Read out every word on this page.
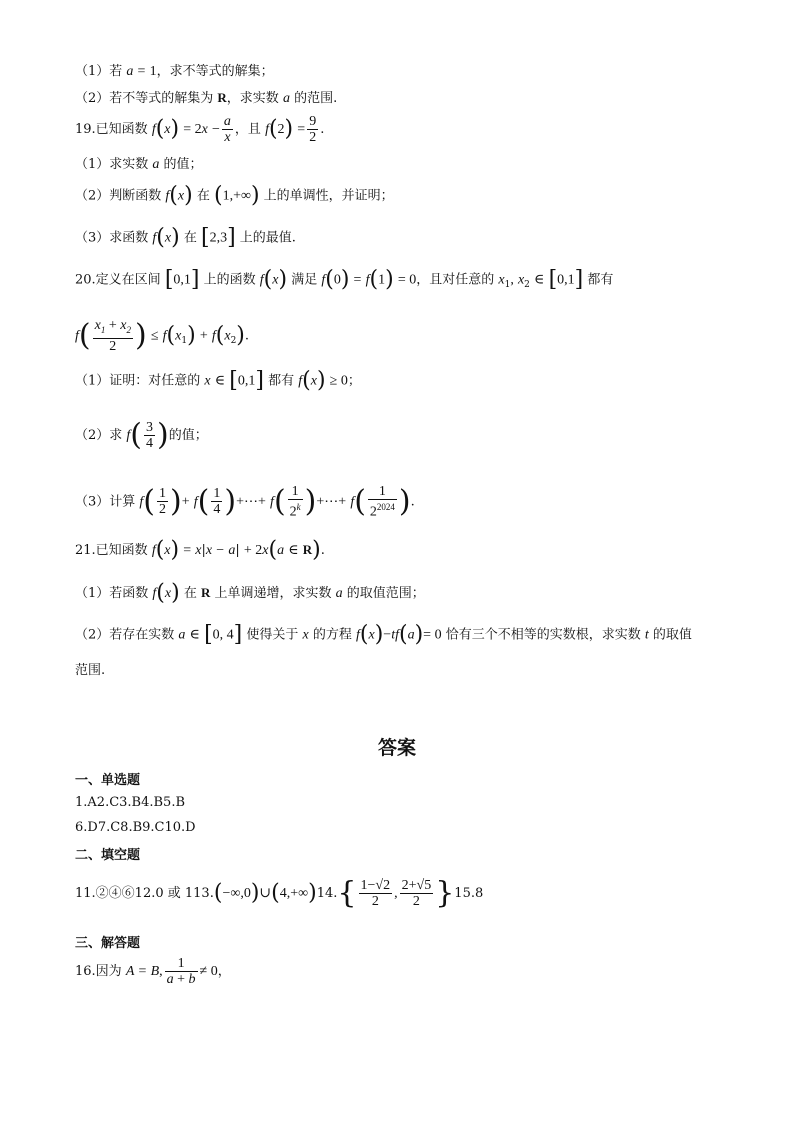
（1）若 a = 1，求不等式的解集；
（2）若不等式的解集为 R，求实数 a 的范围.
19.已知函数 $f(x) = 2x - \frac{a}{x}$ ，且 $f(2) = \frac{9}{2}$ .
（1）求实数 a 的值；
（2）判断函数 f(x) 在 (1,+∞) 上的单调性，并证明；
（3）求函数 f(x) 在 [2,3] 上的最值.
20.定义在区间 [0,1] 上的函数 f(x) 满足 f(0) = f(1) = 0，且对任意的 $x_1$, $x_2$ ∈ [0,1] 都有
$f( \frac{x_1 + x_2}{2}$ ) ≤ $f(x_1) + f(x_2)$.
（1）证明：对任意的 x ∈ [0,1] 都有 f(x) ≥ 0；
（2）求 $f( \frac{3}{4}$ )的值；
（3）计算 $f( \frac{1}{2}$ )+ $f( \frac{1}{4}$ )+⋯+ $f( \frac{1}{2^k}$ )+⋯+ $f( \frac{1}{2^{2024}}$ ).
21.已知函数 f(x) = x|x − a| + 2x(a ∈ R).
（1）若函数 f(x) 在 R 上单调递增，求实数 a 的取值范围；
（2）若存在实数 a ∈ [0, 4] 使得关于 x 的方程 f(x)−tf(a)= 0 恰有三个不相等的实数根，求实数 t 的取值
范围.
答案
一、单选题
1.A2.C3.B4.B5.B
6.D7.C8.B9.C10.D
二、填空题
11.②④⑥12.0 或 113.(−∞,0)∪(4,+∞)14.{ $\frac{1-√2}{2}$ , $\frac{2+√5}{2} \}15.8$
三、解答题
16.因为 A = B, $\frac{1}{a + b} \ne 0$，
